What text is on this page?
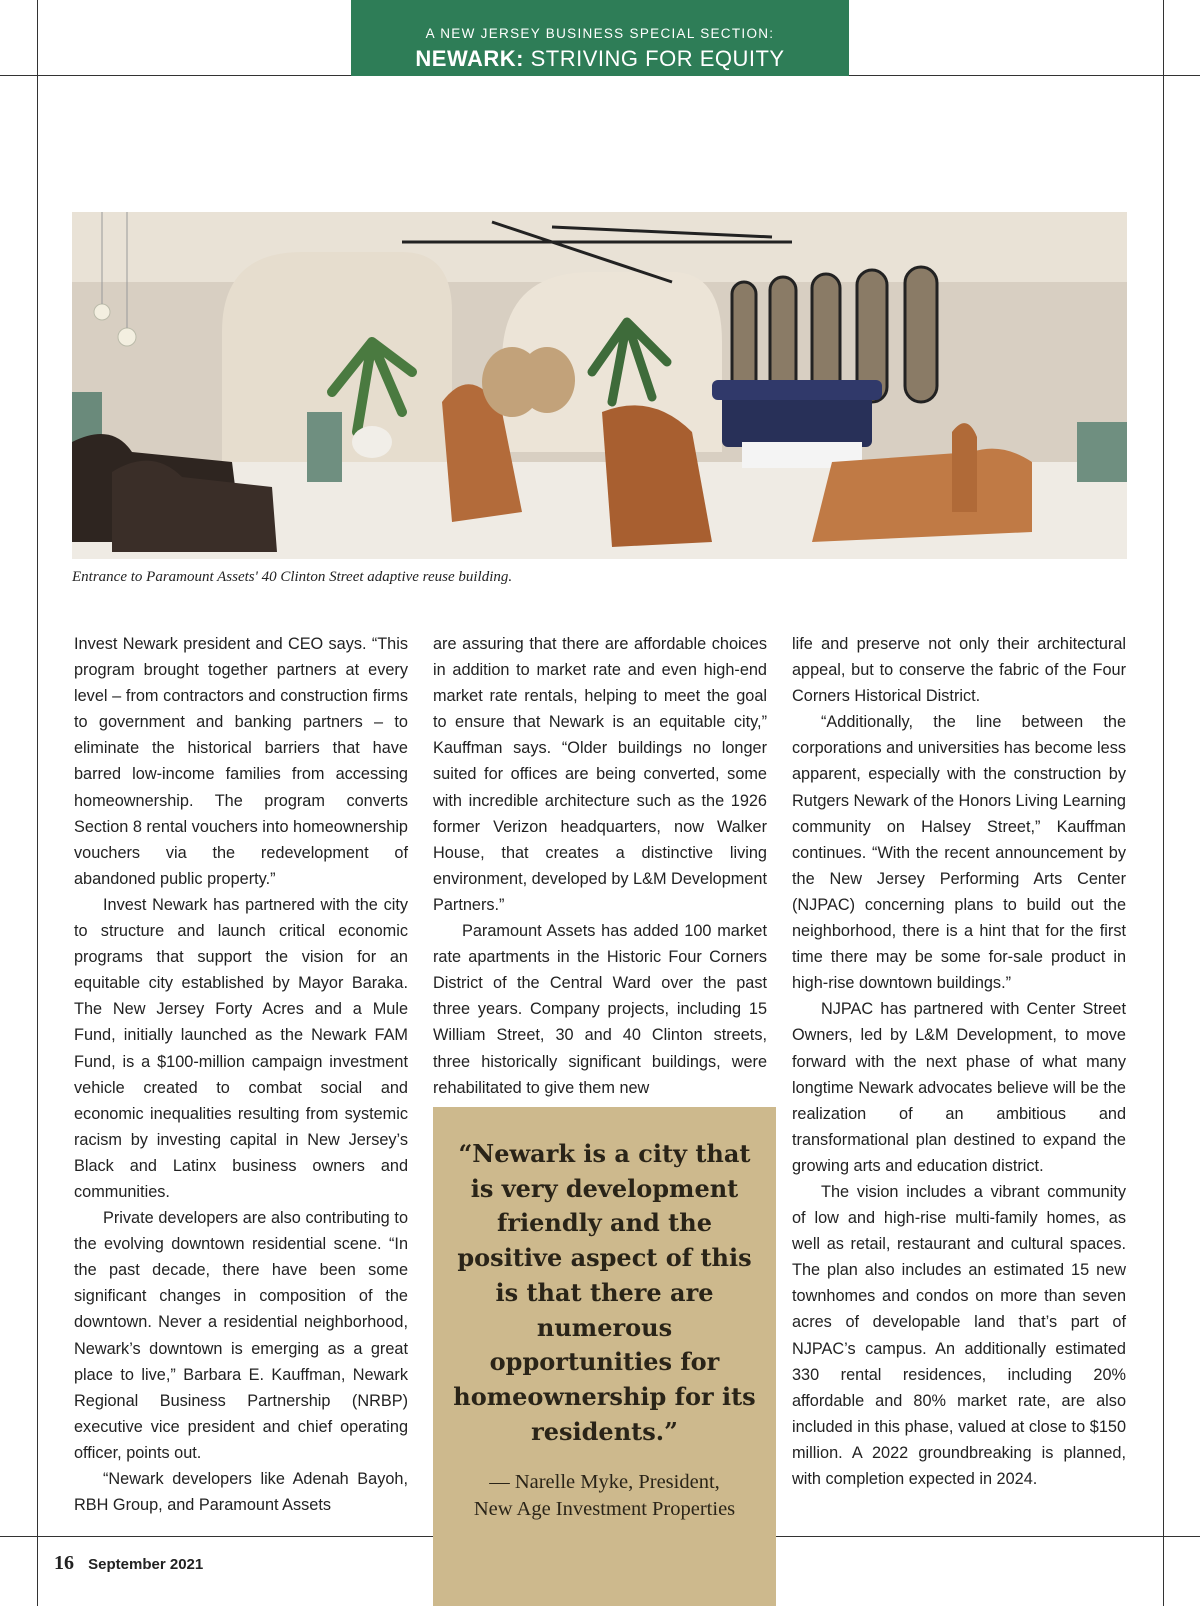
A NEW JERSEY BUSINESS SPECIAL SECTION:
NEWARK: STRIVING FOR EQUITY
Entrance to Paramount Assets' 40 Clinton Street adaptive reuse building.

Invest Newark president and CEO says. “This program brought together partners at every level – from contractors and construction firms to government and banking partners – to eliminate the historical barriers that have barred low-income families from accessing homeownership. The program converts Section 8 rental vouchers into homeownership vouchers via the redevelopment of abandoned public property.”

Invest Newark has partnered with the city to structure and launch critical economic programs that support the vision for an equitable city established by Mayor Baraka. The New Jersey Forty Acres and a Mule Fund, initially launched as the Newark FAM Fund, is a $100-million campaign investment vehicle created to combat social and economic inequalities resulting from systemic racism by investing capital in New Jersey’s Black and Latinx business owners and communities.

Private developers are also contributing to the evolving downtown residential scene. “In the past decade, there have been some significant changes in composition of the downtown. Never a residential neighborhood, Newark’s downtown is emerging as a great place to live,” Barbara E. Kauffman, Newark Regional Business Partnership (NRBP) executive vice president and chief operating officer, points out.

“Newark developers like Adenah Bayoh, RBH Group, and Paramount Assets

are assuring that there are affordable choices in addition to market rate and even high-end market rate rentals, helping to meet the goal to ensure that Newark is an equitable city,” Kauffman says. “Older buildings no longer suited for offices are being converted, some with incredible architecture such as the 1926 former Verizon headquarters, now Walker House, that creates a distinctive living environment, developed by L&M Development Partners.”

Paramount Assets has added 100 market rate apartments in the Historic Four Corners District of the Central Ward over the past three years. Company projects, including 15 William Street, 30 and 40 Clinton streets, three historically significant buildings, were rehabilitated to give them new

life and preserve not only their architectural appeal, but to conserve the fabric of the Four Corners Historical District.

“Additionally, the line between the corporations and universities has become less apparent, especially with the construction by Rutgers Newark of the Honors Living Learning community on Halsey Street,” Kauffman continues. “With the recent announcement by the New Jersey Performing Arts Center (NJPAC) concerning plans to build out the neighborhood, there is a hint that for the first time there may be some for-sale product in high-rise downtown buildings.”

NJPAC has partnered with Center Street Owners, led by L&M Development, to move forward with the next phase of what many longtime Newark advocates believe will be the realization of an ambitious and transformational plan destined to expand the growing arts and education district.

The vision includes a vibrant community of low and high-rise multi-family homes, as well as retail, restaurant and cultural spaces. The plan also includes an estimated 15 new townhomes and condos on more than seven acres of developable land that’s part of NJPAC’s campus. An additionally estimated 330 rental residences, including 20% affordable and 80% market rate, are also included in this phase, valued at close to $150 million. A 2022 groundbreaking is planned, with completion expected in 2024.

“Newark is a city that is very development friendly and the positive aspect of this is that there are numerous opportunities for homeownership for its residents.”
— Narelle Myke, President,
New Age Investment Properties
16 September 2021
